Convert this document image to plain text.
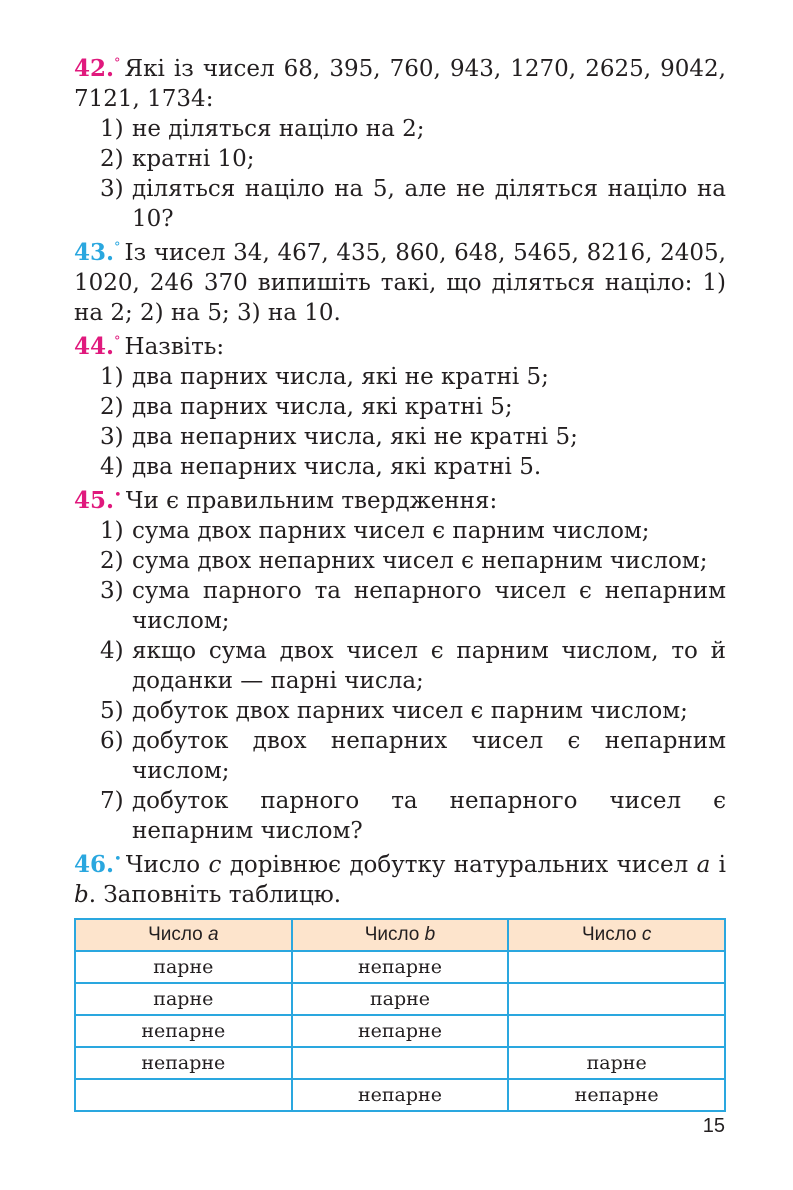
42.° Які із чисел 68, 395, 760, 943, 1270, 2625, 9042, 7121, 1734:

1) не діляться націло на 2;
2) кратні 10;
3) діляться націло на 5, але не діляться націло на 10?

43.° Із чисел 34, 467, 435, 860, 648, 5465, 8216, 2405, 1020, 246 370 випишіть такі, що діляться націло: 1) на 2; 2) на 5; 3) на 10.

44.° Назвіть:

1) два парних числа, які не кратні 5;
2) два парних числа, які кратні 5;
3) два непарних числа, які не кратні 5;
4) два непарних числа, які кратні 5.

45.• Чи є правильним твердження:

1) сума двох парних чисел є парним числом;
2) сума двох непарних чисел є непарним числом;
3) сума парного та непарного чисел є непарним числом;
4) якщо сума двох чисел є парним числом, то й доданки — парні числа;
5) добуток двох парних чисел є парним числом;
6) добуток двох непарних чисел є непарним числом;
7) добуток парного та непарного чисел є непарним числом?

46.• Число c дорівнює добутку натуральних чисел a і b. Заповніть таблицю.

Число a	Число b	Число c
парне	непарне	
парне	парне	
непарне	непарне	
непарне		парне
	непарне	непарне
15
